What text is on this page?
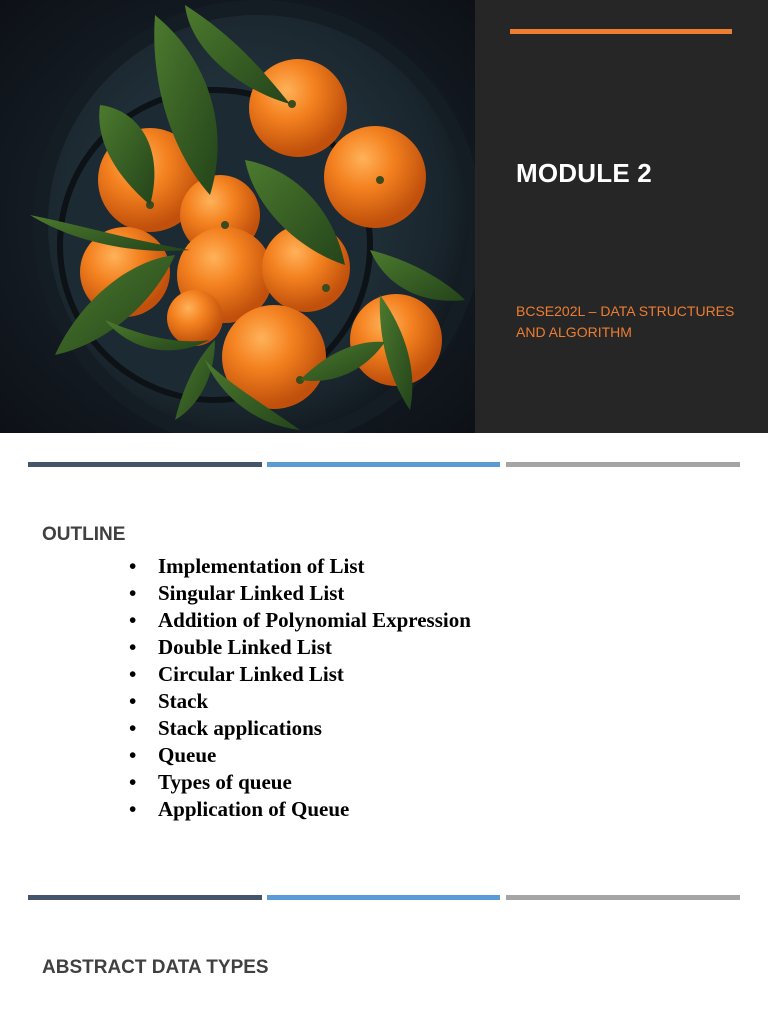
MODULE 2
BCSE202L – DATA STRUCTURES AND ALGORITHM
OUTLINE
• Implementation of List
• Singular Linked List
• Addition of Polynomial Expression
• Double Linked List
• Circular Linked List
• Stack
• Stack applications
• Queue
• Types of queue
• Application of Queue
ABSTRACT DATA TYPES
